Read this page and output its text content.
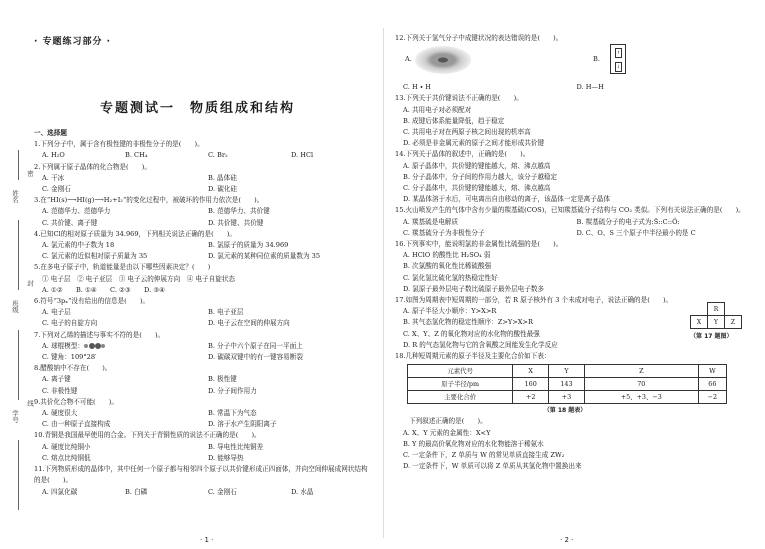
· 专题练习部分 ·
姓名
班级
学号
密
封
线
专题测试一　物质组成和结构
一、选择题
1.下列分子中，属于含有极性键的非极性分子的是(　　)。
A. H₂O	B. CH₄	C. Br₂	D. HCl
2.下列属于原子晶体的化合物是(　　)。
A. 干冰	B. 晶体硅
C. 金刚石	D. 碳化硅
3.在“HI(s)⟶HI(g)⟶H₂+I₂”的变化过程中，被破坏的作用力依次是(　　)。
A. 范德华力、范德华力	B. 范德华力、共价键
C. 共价键、离子键	D. 共价键、共价键
4.已知Cl的相对原子质量为 34.969，下列相关说法正确的是(　　)。
A. 氯元素的中子数为 18	B. 氯原子的质量为 34.969
C. 氯元素的近似相对原子质量为 35	D. 氯元素的某种同位素的质量数为 35
5.在多电子原子中，轨道能量是由以下哪些因素决定？(　　)
① 电子层　② 电子亚层　③ 电子云的伸展方向　④ 电子自旋状态
A. ①②　　B. ①④　　C. ②③　　D. ③④
6.符号“3pₓ”没有给出的信息是(　　)。
A. 电子层	B. 电子亚层
C. 电子的自旋方向	D. 电子云在空间的伸展方向
7.下列对乙烯的描述与事实不符的是(　　)。
A. 球棍模型：	B. 分子中六个原子在同一平面上
C. 键角：109°28′	D. 碳碳双键中的有一键容易断裂
8.醋酸钠中不存在(　　)。
A. 离子键	B. 极性键
C. 非极性键	D. 分子间作用力
9.共价化合物不可能(　　)。
A. 硬度很大	B. 常温下为气态
C. 由一种原子直接构成	D. 溶于水产生阴阳离子
10.青铜是我国最早使用的合金。下列关于青铜性质的说法不正确的是(　　)。
A. 硬度比纯铜小	B. 导电性比纯铜差
C. 熔点比纯铜低	D. 能够导热
11.下列物质形成的晶体中，其中任何一个原子都与相邻四个原子以共价键形成正四面体，并向空间伸展成网状结构的是(　　)。
A. 四氯化碳	B. 白磷	C. 金刚石	D. 水晶
12.下列关于氢气分子中成键状况的表达错误的是(　　)。
A.	B.
↑
↓
C. H ∙ H	D. H—H
13.下列关于共价键说法不正确的是(　　)。
A. 共用电子对必须配对
B. 成键后体系能量降低，趋于稳定
C. 共用电子对在两原子核之间出现的机率高
D. 必须是非金属元素的原子之间才能形成共价键
14.下列关于晶体的叙述中，正确的是(　　)。
A. 原子晶体中，共价键的键能越大，熔、沸点越高
B. 分子晶体中，分子间的作用力越大，该分子越稳定
C. 分子晶体中，共价键的键能越大，熔、沸点越高
D. 某晶体溶于水后，可电离出自由移动的离子，该晶体一定是离子晶体
15.火山喷发产生的气体中含有少量的羰基硫(COS)，已知羰基硫分子结构与 CO₂ 类似。下列有关说法正确的是(　　)。
A. 羰基硫是电解质	B. 羰基硫分子的电子式为:S̈::C::Ö:
C. 羰基硫分子为非极性分子	D. C、O、S 三个原子中半径最小的是 C
16.下列事实中，能说明氯的非金属性比硫强的是(　　)。
A. HClO 的酸性比 H₂SO₄ 弱
B. 次氯酸的氧化性比稀硫酸强
C. 氯化氢比硫化氢的热稳定性好
D. 氯原子最外层电子数比硫原子最外层电子数多
17.如图为周期表中短周期的一部分，若 R 原子核外有 3 个未成对电子，说法正确的是(　　)。
A. 原子半径大小顺序：Y>X>R
B. 其气态氢化物的稳定性顺序：Z>Y>X>R
C. X、Y、Z 的氧化物对应的水化物的酸性最强
D. R 的气态氢化物与它的含氧酸之间能发生化学反应
	R	
X	Y	Z
（第 17 题图）
18.几种短周期元素的原子半径及主要化合价如下表：
元素代号	X	Y	Z	W
原子半径/pm	160	143	70	66
主要化合价	+2	+3	+5、+3、−3	−2
（第 18 题表）
下列叙述正确的是(　　)。
A. X、Y 元素的金属性：X<Y
B. Y 的最高价氧化物对应的水化物能溶于稀氨水
C. 一定条件下，Z 单质与 W 的常见单质直接生成 ZW₂
D. 一定条件下，W 单质可以将 Z 单质从其氢化物中置换出来
· 1 ·	· 2 ·
